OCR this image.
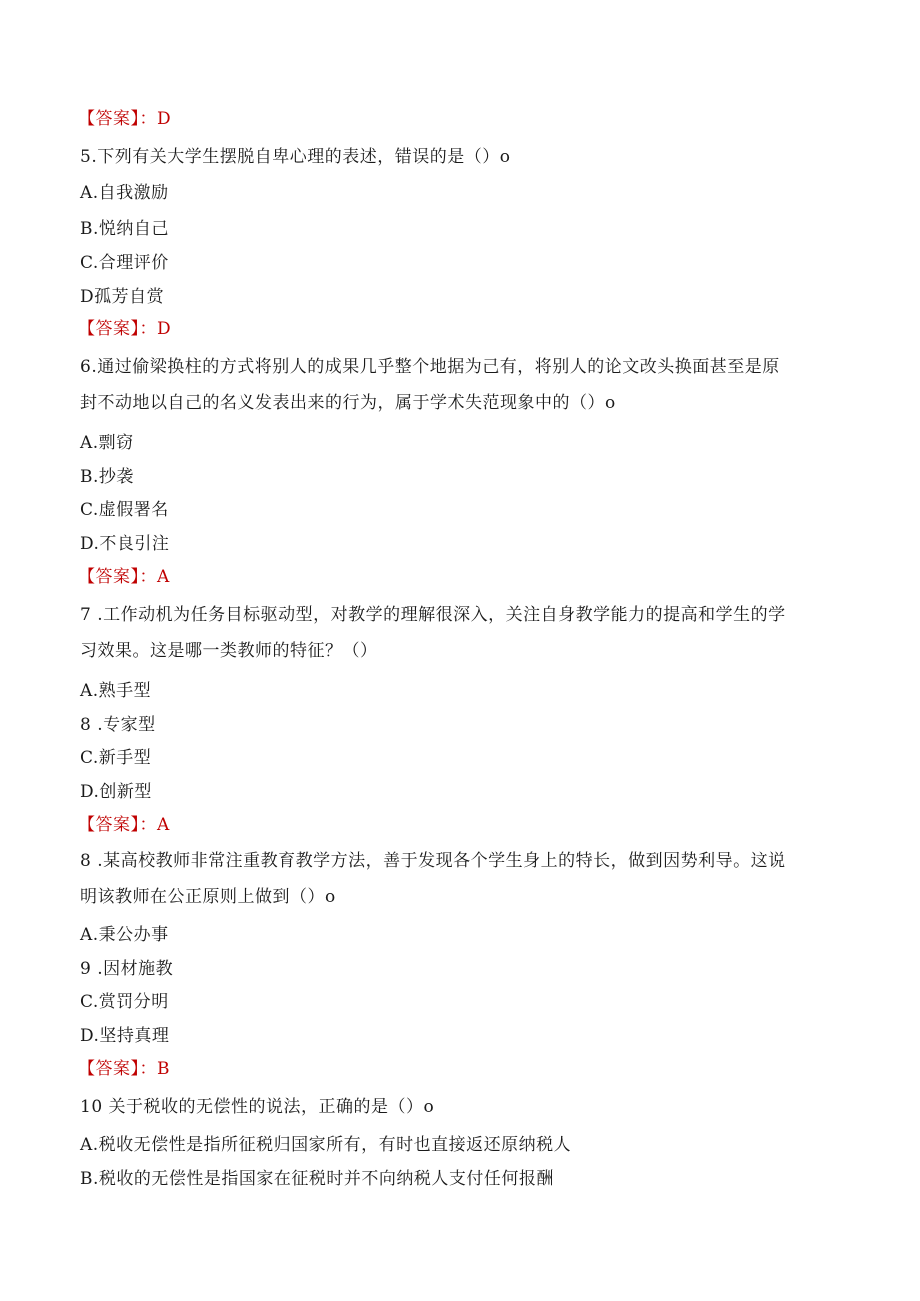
【答案】：D
5.下列有关大学生摆脱自卑心理的表述，错误的是（）o
A.自我激励
B.悦纳自己
C.合理评价
D孤芳自赏
【答案】：D
6.通过偷梁换柱的方式将别人的成果几乎整个地据为己有，将别人的论文改头换面甚至是原
封不动地以自己的名义发表出来的行为，属于学术失范现象中的（）o
A.剽窃
B.抄袭
C.虚假署名
D.不良引注
【答案】：A
7 .工作动机为任务目标驱动型，对教学的理解很深入，关注自身教学能力的提高和学生的学
习效果。这是哪一类教师的特征？（）
A.熟手型
8 .专家型
C.新手型
D.创新型
【答案】：A
8 .某高校教师非常注重教育教学方法，善于发现各个学生身上的特长，做到因势利导。这说
明该教师在公正原则上做到（）o
A.秉公办事
9 .因材施教
C.赏罚分明
D.坚持真理
【答案】：B
10 关于税收的无偿性的说法，正确的是（）o
A.税收无偿性是指所征税归国家所有，有时也直接返还原纳税人
B.税收的无偿性是指国家在征税时并不向纳税人支付任何报酬
